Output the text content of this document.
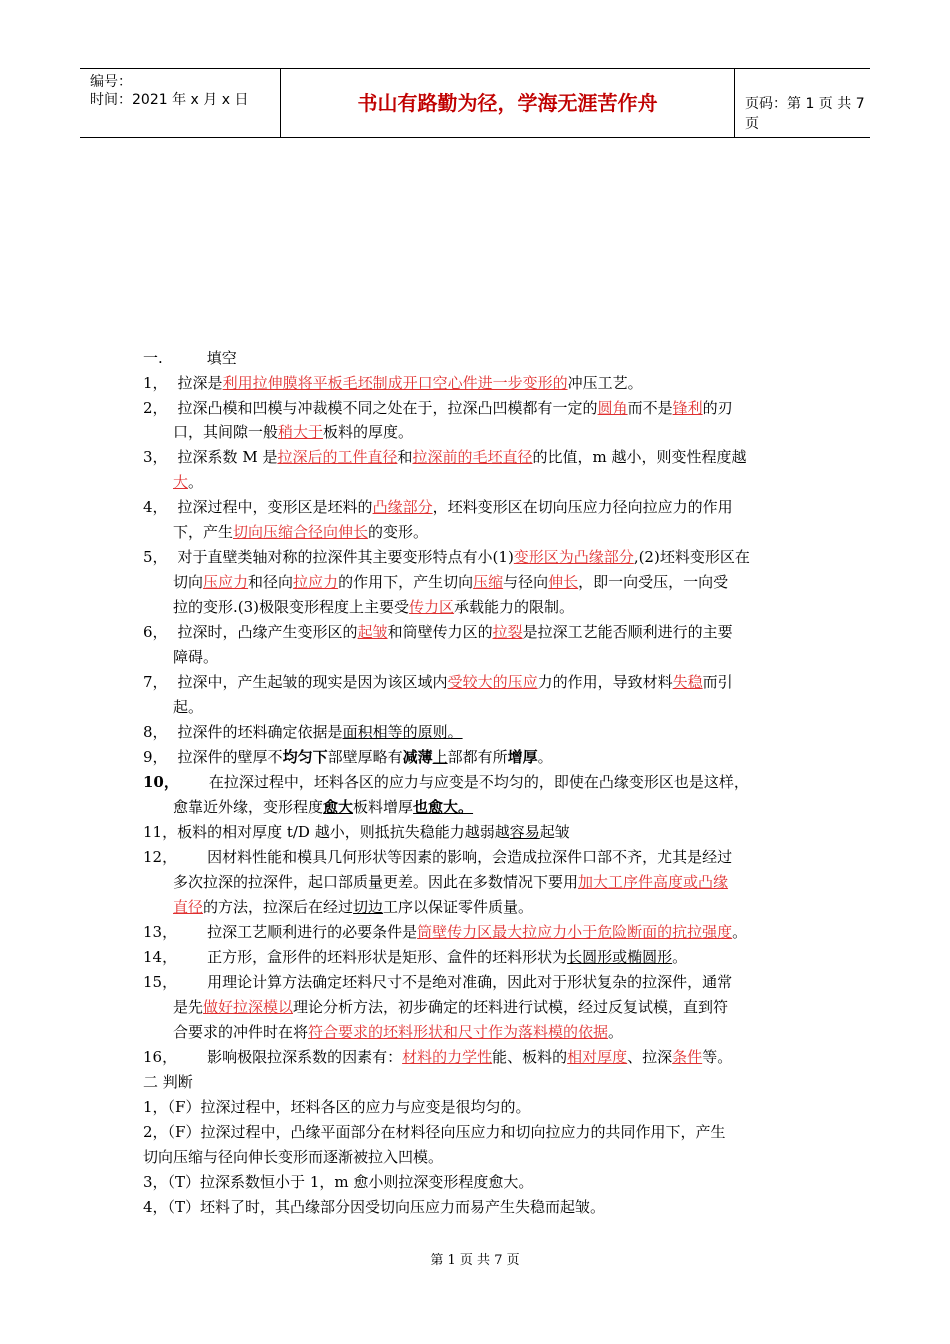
编号：
时间：2021 年 x 月 x 日	书山有路勤为径，学海无涯苦作舟	页码：第 1 页 共 7 页
一.	填空
1， 拉深是利用拉伸膜将平板毛坯制成开口空心件进一步变形的冲压工艺。
2， 拉深凸模和凹模与冲裁模不同之处在于，拉深凸凹模都有一定的圆角而不是锋利的刃
口，其间隙一般稍大于板料的厚度。
3， 拉深系数 M 是拉深后的工件直径和拉深前的毛坯直径的比值，m 越小，则变性程度越
大。
4， 拉深过程中，变形区是坯料的凸缘部分，坯料变形区在切向压应力径向拉应力的作用
下，产生切向压缩合径向伸长的变形。
5， 对于直壁类轴对称的拉深件其主要变形特点有小(1)变形区为凸缘部分,(2)坯料变形区在
切向压应力和径向拉应力的作用下，产生切向压缩与径向伸长，即一向受压，一向受
拉的变形.(3)极限变形程度上主要受传力区承载能力的限制。
6， 拉深时，凸缘产生变形区的起皱和筒壁传力区的拉裂是拉深工艺能否顺利进行的主要
障碍。
7， 拉深中，产生起皱的现实是因为该区域内受较大的压应力的作用，导致材料失稳而引
起。
8， 拉深件的坯料确定依据是面积相等的原则。
9， 拉深件的壁厚不均匀下部壁厚略有减薄上部都有所增厚。
10， 在拉深过程中，坯料各区的应力与应变是不均匀的，即使在凸缘变形区也是这样，
愈靠近外缘，变形程度愈大板料增厚也愈大。
11，板料的相对厚度 t/D 越小，则抵抗失稳能力越弱越容易起皱
12， 因材料性能和模具几何形状等因素的影响，会造成拉深件口部不齐，尤其是经过
多次拉深的拉深件，起口部质量更差。因此在多数情况下要用加大工序件高度或凸缘
直径的方法，拉深后在经过切边工序以保证零件质量。
13， 拉深工艺顺利进行的必要条件是筒壁传力区最大拉应力小于危险断面的抗拉强度。
14， 正方形，盒形件的坯料形状是矩形、盒件的坯料形状为长圆形或椭圆形。
15， 用理论计算方法确定坯料尺寸不是绝对准确，因此对于形状复杂的拉深件，通常
是先做好拉深模以理论分析方法，初步确定的坯料进行试模，经过反复试模，直到符
合要求的冲件时在将符合要求的坯料形状和尺寸作为落料模的依据。
16， 影响极限拉深系数的因素有：材料的力学性能、板料的相对厚度、拉深条件等。
二 判断
1，（F）拉深过程中，坯料各区的应力与应变是很均匀的。
2，（F）拉深过程中，凸缘平面部分在材料径向压应力和切向拉应力的共同作用下，产生
切向压缩与径向伸长变形而逐渐被拉入凹模。
3，（T）拉深系数恒小于 1，m 愈小则拉深变形程度愈大。
4，（T）坯料了时，其凸缘部分因受切向压应力而易产生失稳而起皱。
第 1 页 共 7 页
